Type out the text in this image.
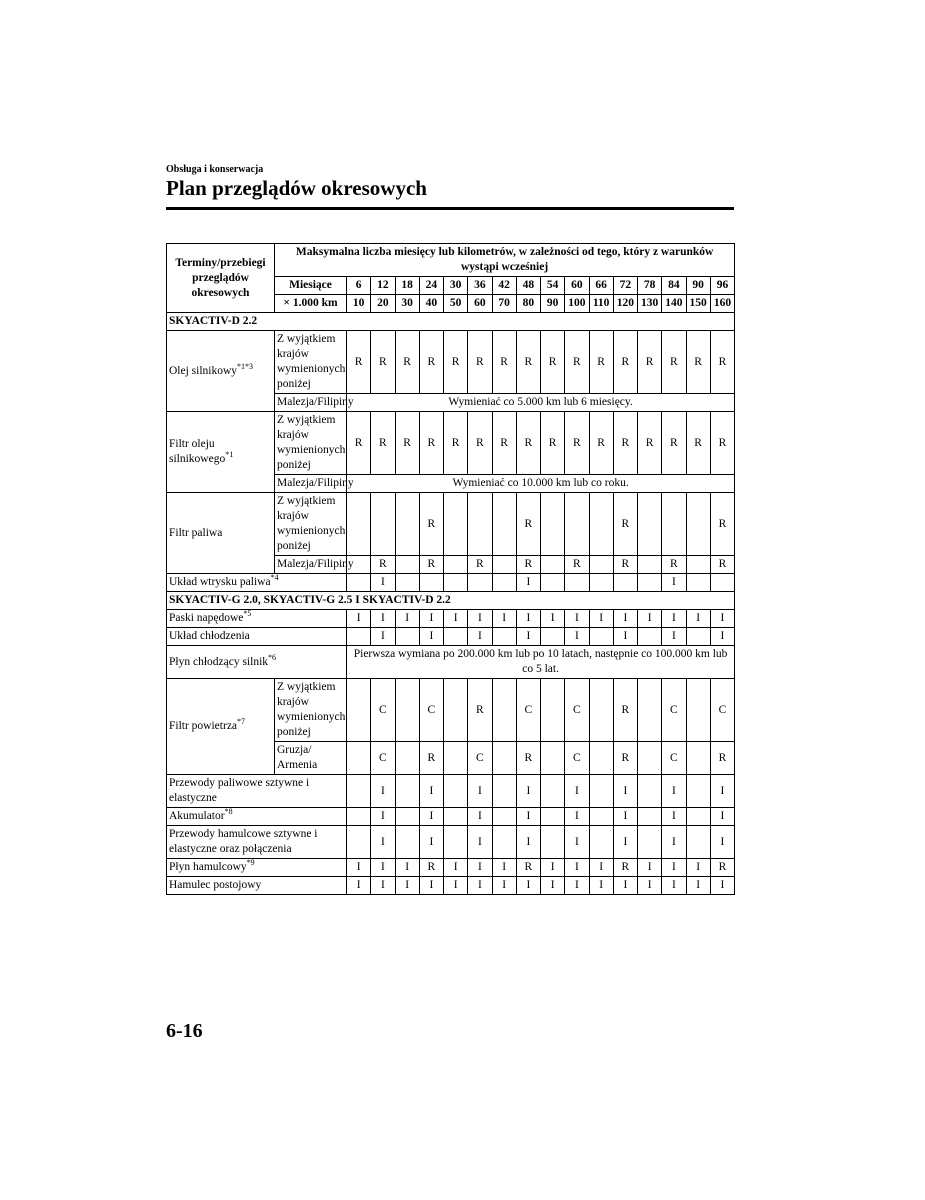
Obsługa i konserwacja
Plan przeglądów okresowych
Terminy/przebiegi przeglądów okresowych	Maksymalna liczba miesięcy lub kilometrów, w zależności od tego, który z warunków wystąpi wcześniej																
	Miesiące	6	12	18	24	30	36	42	48	54	60	66	72	78	84	90	96
	× 1.000 km	10	20	30	40	50	60	70	80	90	100	110	120	130	140	150	160
SKYACTIV-D 2.2																	
Olej silnikowy$^{*1*3}$	Z wyjątkiem krajów wymienionych poniżej	R	R	R	R	R	R	R	R	R	R	R	R	R	R	R	R
	Malezja/Filipiny	Wymieniać co 5.000 km lub 6 miesięcy.															
Filtr oleju silnikowego$^{*1}$	Z wyjątkiem krajów wymienionych poniżej	R	R	R	R	R	R	R	R	R	R	R	R	R	R	R	R
	Malezja/Filipiny	Wymieniać co 10.000 km lub co roku.															
Filtr paliwa	Z wyjątkiem krajów wymienionych poniżej				R				R				R				R
	Malezja/Filipiny		R		R		R		R		R		R		R		R
Układ wtrysku paliwa$^{*4}$			I						I						I		
SKYACTIV-G 2.0, SKYACTIV-G 2.5 I SKYACTIV-D 2.2																	
Paski napędowe$^{*5}$		I	I	I	I	I	I	I	I	I	I	I	I	I	I	I	I
Układ chłodzenia			I		I		I		I		I		I		I		I
Płyn chłodzący silnik$^{*6}$		Pierwsza wymiana po 200.000 km lub po 10 latach, następnie co 100.000 km lub co 5 lat.															
Filtr powietrza$^{*7}$	Z wyjątkiem krajów wymienionych poniżej		C		C		R		C		C		R		C		C
	Gruzja/ Armenia		C		R		C		R		C		R		C		R
Przewody paliwowe sztywne i elastyczne			I		I		I		I		I		I		I		I
Akumulator$^{*8}$			I		I		I		I		I		I		I		I
Przewody hamulcowe sztywne i elastyczne oraz połączenia			I		I		I		I		I		I		I		I
Płyn hamulcowy$^{*9}$		I	I	I	R	I	I	I	R	I	I	I	R	I	I	I	R
Hamulec postojowy		I	I	I	I	I	I	I	I	I	I	I	I	I	I	I	I
6-16
